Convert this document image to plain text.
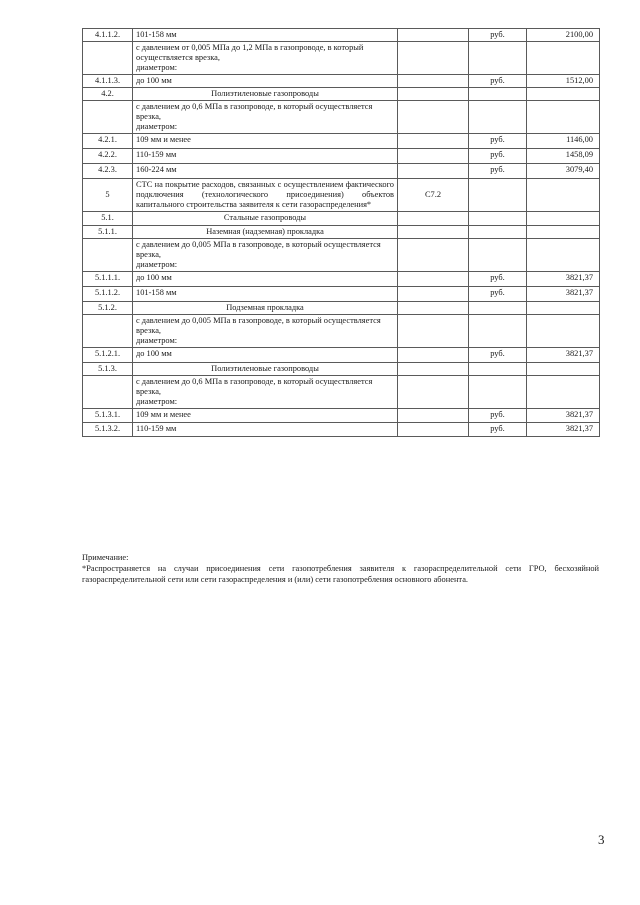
4.1.1.2.	101-158 мм		руб.	2100,00
	с давлением от 0,005 МПа до 1,2 МПа в газопроводе, в который осуществляется врезка,
диаметром:			
4.1.1.3.	до 100 мм		руб.	1512,00
4.2.	Полиэтиленовые газопроводы			
	с давлением до 0,6 МПа в газопроводе, в который осуществляется врезка,
диаметром:			
4.2.1.	109 мм и менее		руб.	1146,00
4.2.2.	110-159 мм		руб.	1458,09
4.2.3.	160-224 мм		руб.	3079,40
5	СТС на покрытие расходов, связанных с осуществлением фактического подключения (технологического присоединения) объектов капитального строительства заявителя к сети газораспределения*	С7.2		
5.1.	Стальные газопроводы			
5.1.1.	Наземная (надземная) прокладка			
	с давлением до 0,005 МПа в газопроводе, в который осуществляется врезка,
диаметром:			
5.1.1.1.	до 100 мм		руб.	3821,37
5.1.1.2.	101-158 мм		руб.	3821,37
5.1.2.	Подземная прокладка			
	с давлением до 0,005 МПа в газопроводе, в который осуществляется врезка,
диаметром:			
5.1.2.1.	до 100 мм		руб.	3821,37
5.1.3.	Полиэтиленовые газопроводы			
	с давлением до 0,6 МПа в газопроводе, в который осуществляется врезка,
диаметром:			
5.1.3.1.	109 мм и менее		руб.	3821,37
5.1.3.2.	110-159 мм		руб.	3821,37

Примечание:

*Распространяется на случаи присоединения сети газопотребления заявителя к газораспределительной сети ГРО, бесхозяйной газораспределительной сети или сети газораспределения и (или) сети газопотребления основного абонента.

3
